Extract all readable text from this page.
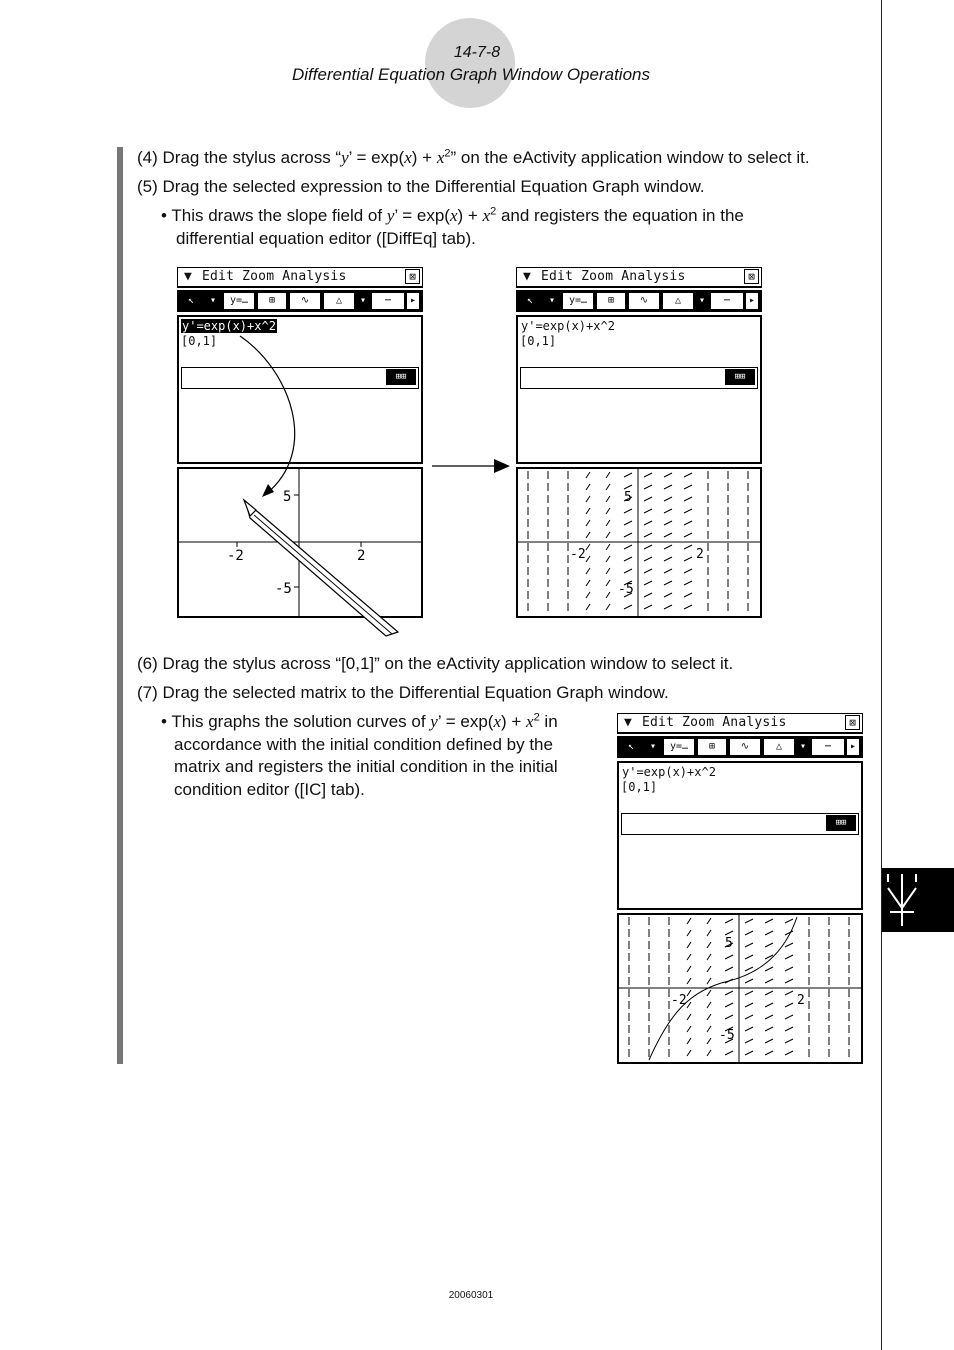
14-7-8
Differential Equation Graph Window Operations
(4) Drag the stylus across “y’ = $\exp(x) + x^2$” on the eActivity application window to select it.
(5) Drag the selected expression to the Differential Equation Graph window.
• This draws the slope field of y’ = $\exp(x) + x^2$ and registers the equation in the
differential equation editor ([DiffEq] tab).
▼ Edit Zoom Analysis	⊠
↖	▾	y=…	⊞	∿	△	▾	⋯	▸
y'=exp(x)+x^2
[0,1]
⊞⊞
5
-5
-2	2
▼ Edit Zoom Analysis	⊠
↖	▾	y=…	⊞	∿	△	▾	⋯	▸
y'=exp(x)+x^2
[0,1]
⊞⊞
5
-5
-2	2
(6) Drag the stylus across “[0,1]” on the eActivity application window to select it.
(7) Drag the selected matrix to the Differential Equation Graph window.
• This graphs the solution curves of y’ = $\exp(x) + x^2$ in
accordance with the initial condition defined by the
matrix and registers the initial condition in the initial
condition editor ([IC] tab).
▼ Edit Zoom Analysis	⊠
↖	▾	y=…	⊞	∿	△	▾	⋯	▸
y'=exp(x)+x^2
[0,1]
⊞⊞
5
-5
-2	2
20060301
